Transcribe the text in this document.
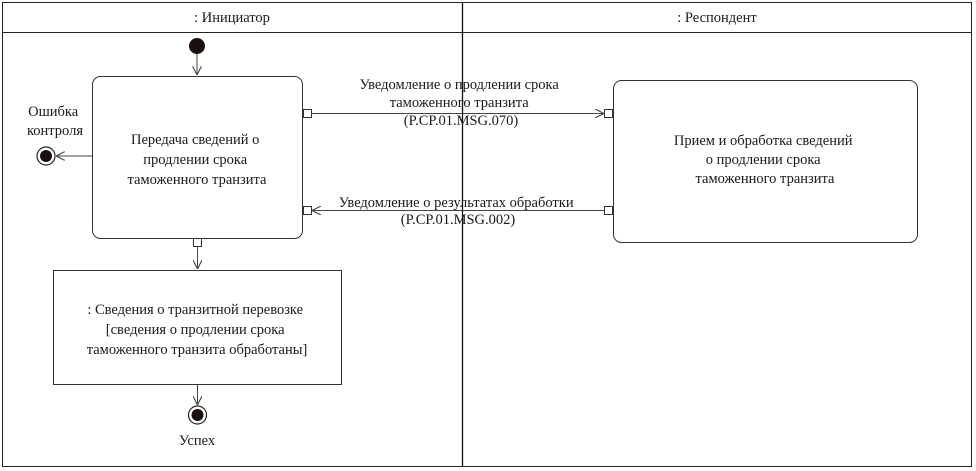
: Инициатор	: Респондент
Передача сведений о продлении срока таможенного транзита
Ошибка контроля
Прием и обработка сведений о продлении срока таможенного транзита
Уведомление о продлении срока таможенного транзита (P.CP.01.MSG.070)
Уведомление о результатах обработки (P.CP.01.MSG.002)
: Сведения о транзитной перевозке [сведения о продлении срока таможенного транзита обработаны]
Успех
